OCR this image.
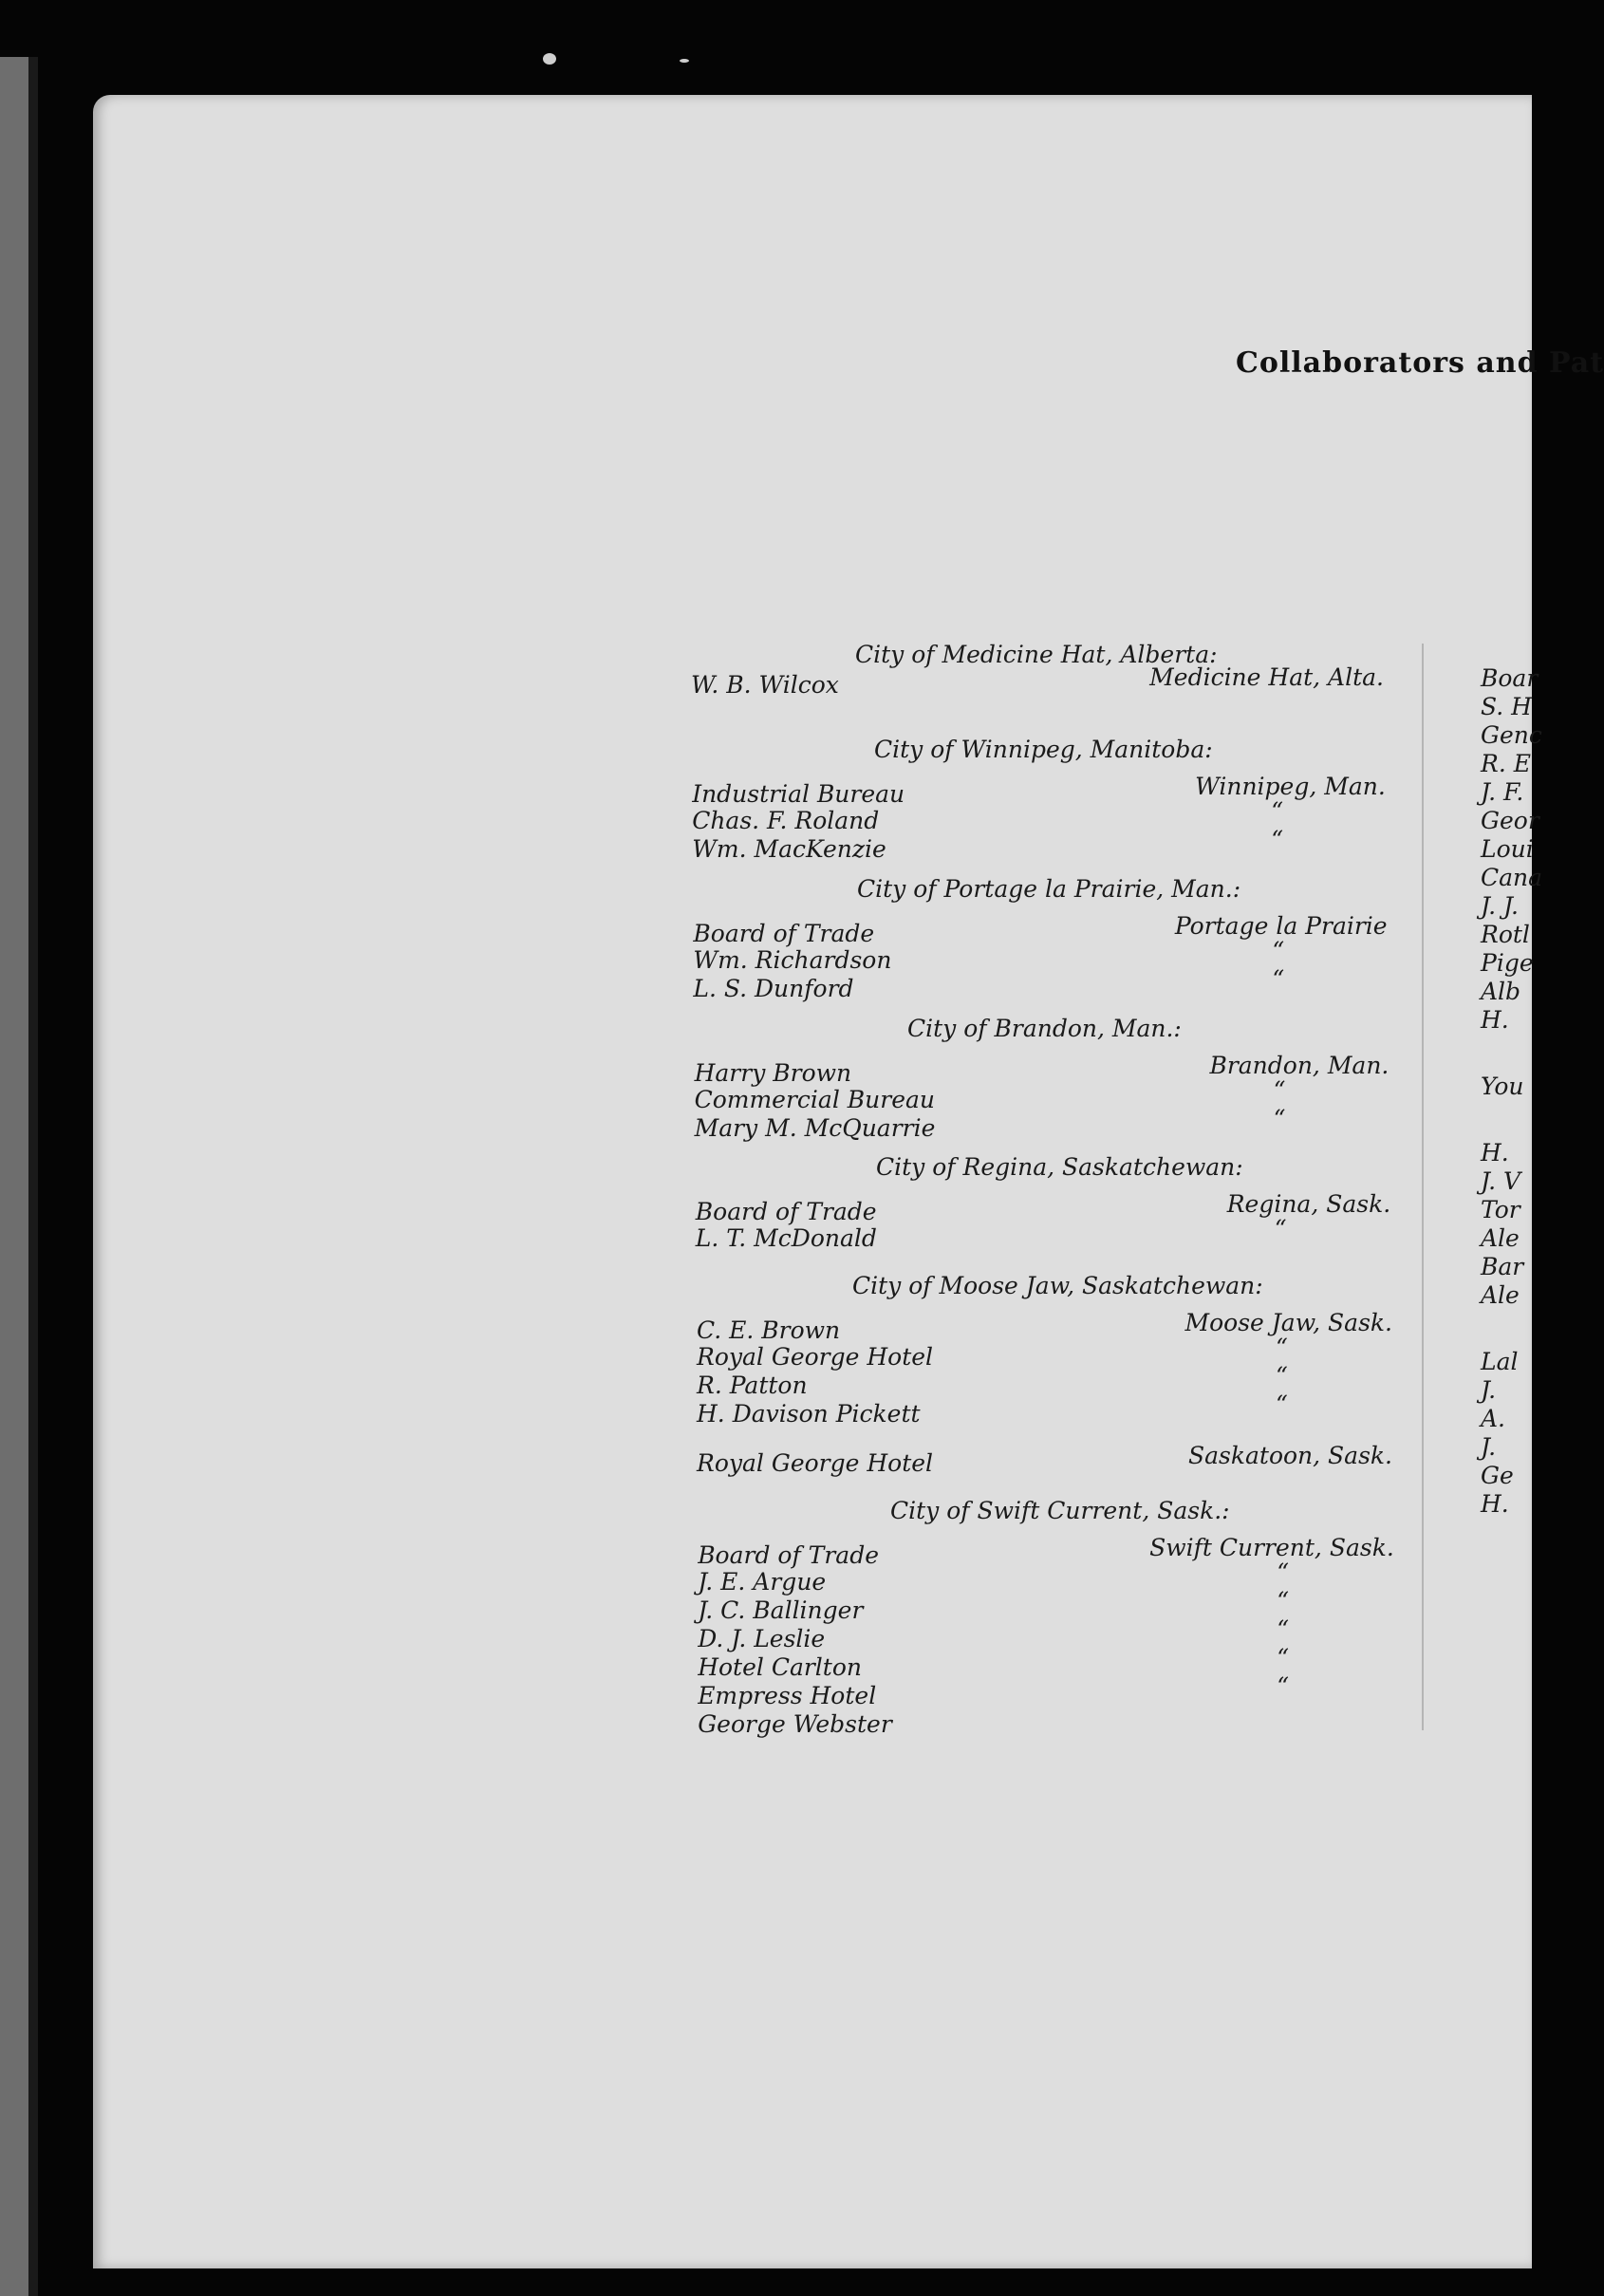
Collaborators and Pat
City of Medicine Hat, Alberta:
W. B. Wilcox	Medicine Hat, Alta.
City of Winnipeg, Manitoba:
Industrial Bureau	Winnipeg, Man.
Chas. F. Roland	“
Wm. MacKenzie	“
City of Portage la Prairie, Man.:
Board of Trade	Portage la Prairie
Wm. Richardson	“
L. S. Dunford	“
City of Brandon, Man.:
Harry Brown	Brandon, Man.
Commercial Bureau	“
Mary M. McQuarrie	“
City of Regina, Saskatchewan:
Board of Trade	Regina, Sask.
L. T. McDonald	“
City of Moose Jaw, Saskatchewan:
C. E. Brown	Moose Jaw, Sask.
Royal George Hotel	“
R. Patton	“
H. Davison Pickett	“
Royal George Hotel	Saskatoon, Sask.
City of Swift Current, Sask.:
Board of Trade	Swift Current, Sask.
J. E. Argue	“
J. C. Ballinger	“
D. J. Leslie	“
Hotel Carlton	“
Empress Hotel	“
George Webster
Boar
S. H
Genc
R. E
J. F.
Geor
Loui
Cana
J. J.
Rotl
Pige
Alb
H.
You
H.
J. V
Tor
Ale
Bar
Ale
Lal
J.
A.
J.
Ge
H.
